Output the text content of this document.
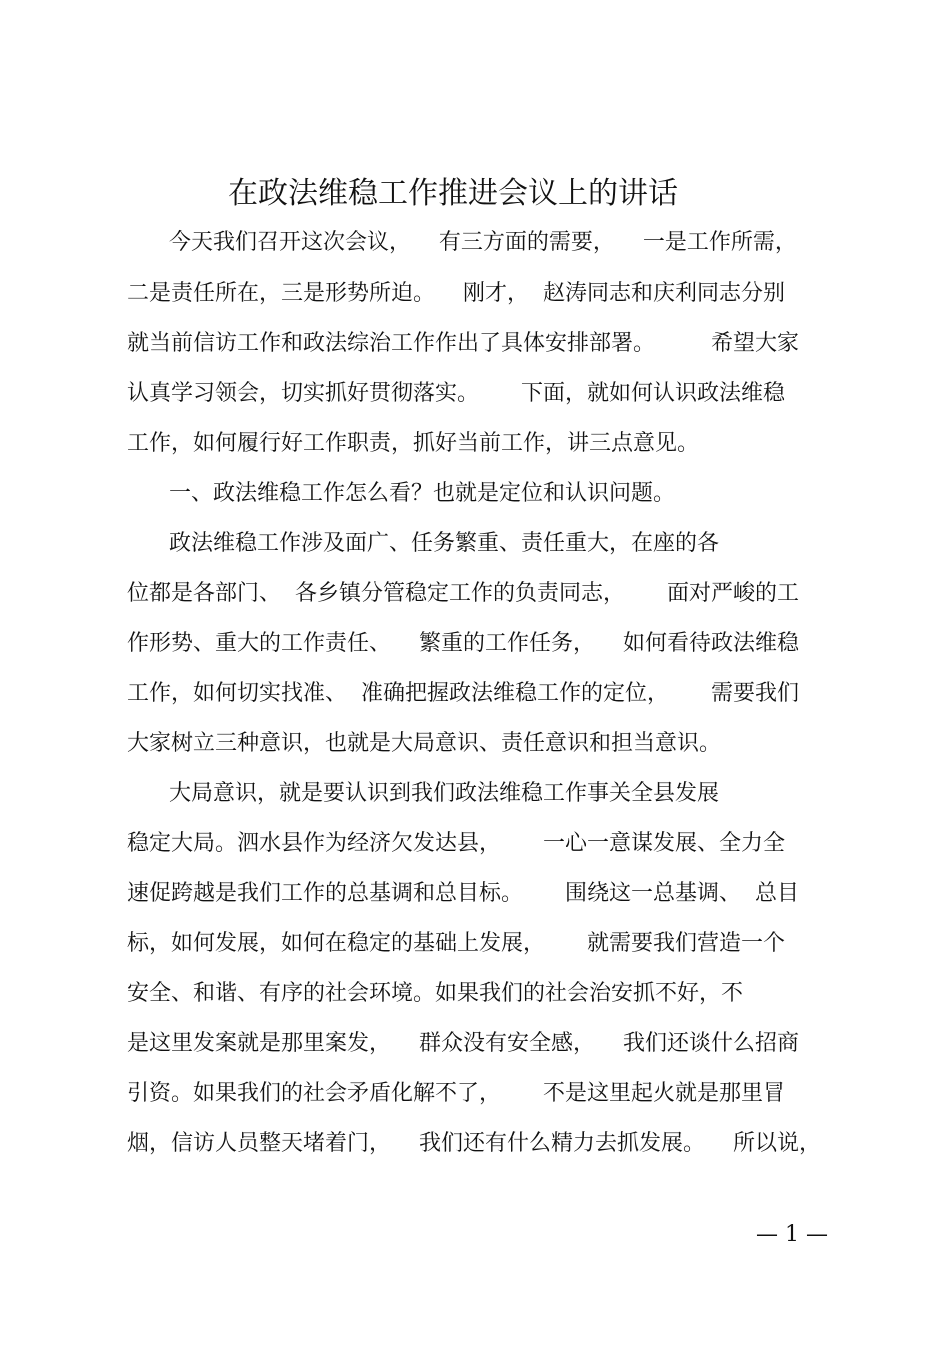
在政法维稳工作推进会议上的讲话
今天我们召开这次会议，    有三方面的需要，    一是工作所需，
二是责任所在，三是形势所迫。    刚才，  赵涛同志和庆利同志分别
就当前信访工作和政法综治工作作出了具体安排部署。        希望大家
认真学习领会，切实抓好贯彻落实。      下面，就如何认识政法维稳
工作，如何履行好工作职责，抓好当前工作，讲三点意见。
一、政法维稳工作怎么看？也就是定位和认识问题。
政法维稳工作涉及面广、任务繁重、责任重大，在座的各
位都是各部门、  各乡镇分管稳定工作的负责同志，      面对严峻的工
作形势、重大的工作责任、    繁重的工作任务，    如何看待政法维稳
工作，如何切实找准、  准确把握政法维稳工作的定位，      需要我们
大家树立三种意识，也就是大局意识、责任意识和担当意识。
大局意识，就是要认识到我们政法维稳工作事关全县发展
稳定大局。泗水县作为经济欠发达县，      一心一意谋发展、全力全
速促跨越是我们工作的总基调和总目标。      围绕这一总基调、  总目
标，如何发展，如何在稳定的基础上发展，      就需要我们营造一个
安全、和谐、有序的社会环境。如果我们的社会治安抓不好，不
是这里发案就是那里案发，    群众没有安全感，    我们还谈什么招商
引资。如果我们的社会矛盾化解不了，      不是这里起火就是那里冒
烟，信访人员整天堵着门，    我们还有什么精力去抓发展。    所以说，
— 1 —
